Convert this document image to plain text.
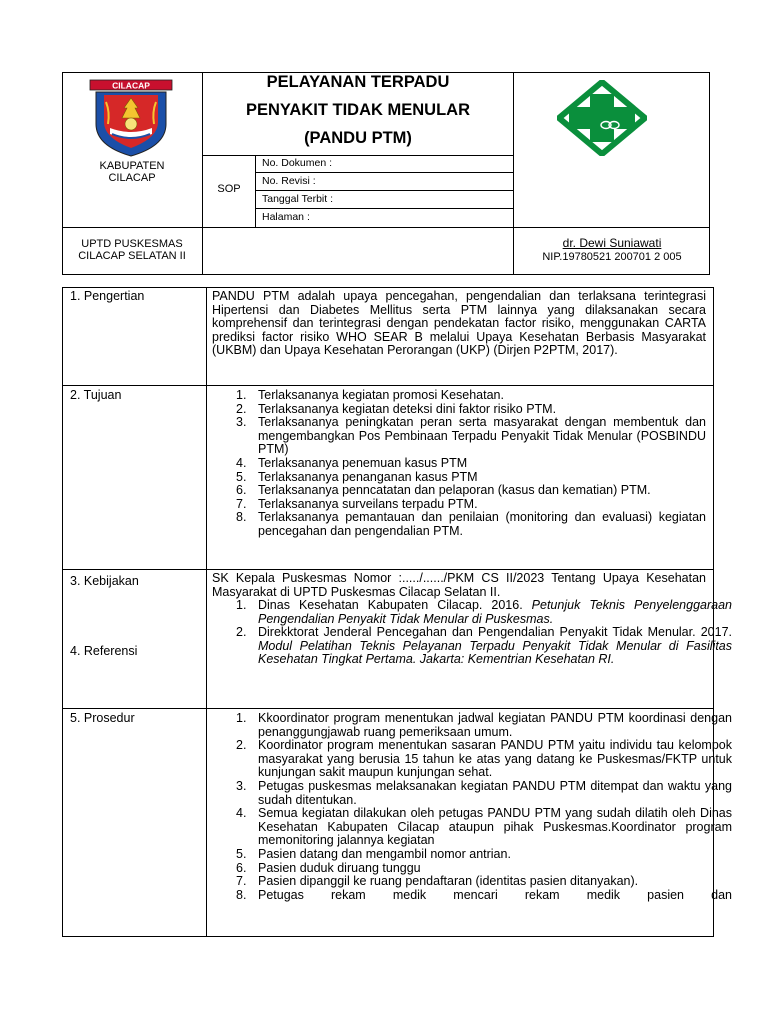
CILACAP
KABUPATEN
CILACAP
PELAYANAN TERPADU
PENYAKIT TIDAK MENULAR
(PANDU PTM)
SOP
No. Dokumen :
No. Revisi :
Tanggal Terbit :
Halaman :
UPTD PUSKESMAS
CILACAP SELATAN II
dr. Dewi Suniawati
NIP.19780521 200701 2 005
1. Pengertian	PANDU PTM adalah upaya pencegahan, pengendalian dan terlaksana terintegrasi Hipertensi dan Diabetes Mellitus serta PTM lainnya yang dilaksanakan secara komprehensif dan terintegrasi dengan pendekatan factor risiko, menggunakan CARTA prediksi factor risiko WHO SEAR B melalui Upaya Kesehatan Berbasis Masyarakat (UKBM) dan Upaya Kesehatan Perorangan (UKP) (Dirjen P2PTM, 2017).

2. Tujuan	1. Terlaksananya kegiatan promosi Kesehatan.
2. Terlaksananya kegiatan deteksi dini faktor risiko PTM.
3. Terlaksananya peningkatan peran serta masyarakat dengan membentuk dan mengembangkan Pos Pembinaan Terpadu Penyakit Tidak Menular (POSBINDU PTM)
4. Terlaksananya penemuan kasus PTM
5. Terlaksananya penanganan kasus PTM
6. Terlaksananya penncatatan dan pelaporan (kasus dan kematian) PTM.
7. Terlaksananya surveilans terpadu PTM.
8. Terlaksananya pemantauan dan penilaian (monitoring dan evaluasi) kegiatan pencegahan dan pengendalian PTM.
3. Kebijakan	SK Kepala Puskesmas Nomor :...../....../PKM CS II/2023 Tentang Upaya Kesehatan Masyarakat di UPTD Puskesmas Cilacap Selatan II.

4. Referensi
1. Dinas Kesehatan Kabupaten Cilacap. 2016. Petunjuk Teknis Penyelenggaraan Pengendalian Penyakit Tidak Menular di Puskesmas.
2. Direkktorat Jenderal Pencegahan dan Pengendalian Penyakit Tidak Menular. 2017. Modul Pelatihan Teknis Pelayanan Terpadu Penyakit Tidak Menular di Fasilitas Kesehatan Tingkat Pertama. Jakarta: Kementrian Kesehatan RI.
5. Prosedur	1. Kkoordinator program menentukan jadwal kegiatan PANDU PTM koordinasi dengan penanggungjawab ruang pemeriksaan umum.
2. Koordinator program menentukan sasaran PANDU PTM yaitu individu tau kelompok masyarakat yang berusia 15 tahun ke atas yang datang ke Puskesmas/FKTP untuk kunjungan sakit maupun kunjungan sehat.
3. Petugas puskesmas melaksanakan kegiatan PANDU PTM ditempat dan waktu yang sudah ditentukan.
4. Semua kegiatan dilakukan oleh petugas PANDU PTM yang sudah dilatih oleh Dinas Kesehatan Kabupaten Cilacap ataupun pihak Puskesmas.Koordinator program memonitoring jalannya kegiatan
5. Pasien datang dan mengambil nomor antrian.
6. Pasien duduk diruang tunggu
7. Pasien dipanggil ke ruang pendaftaran (identitas pasien ditanyakan).
8. Petugas rekam medik mencari rekam medik pasien dan
